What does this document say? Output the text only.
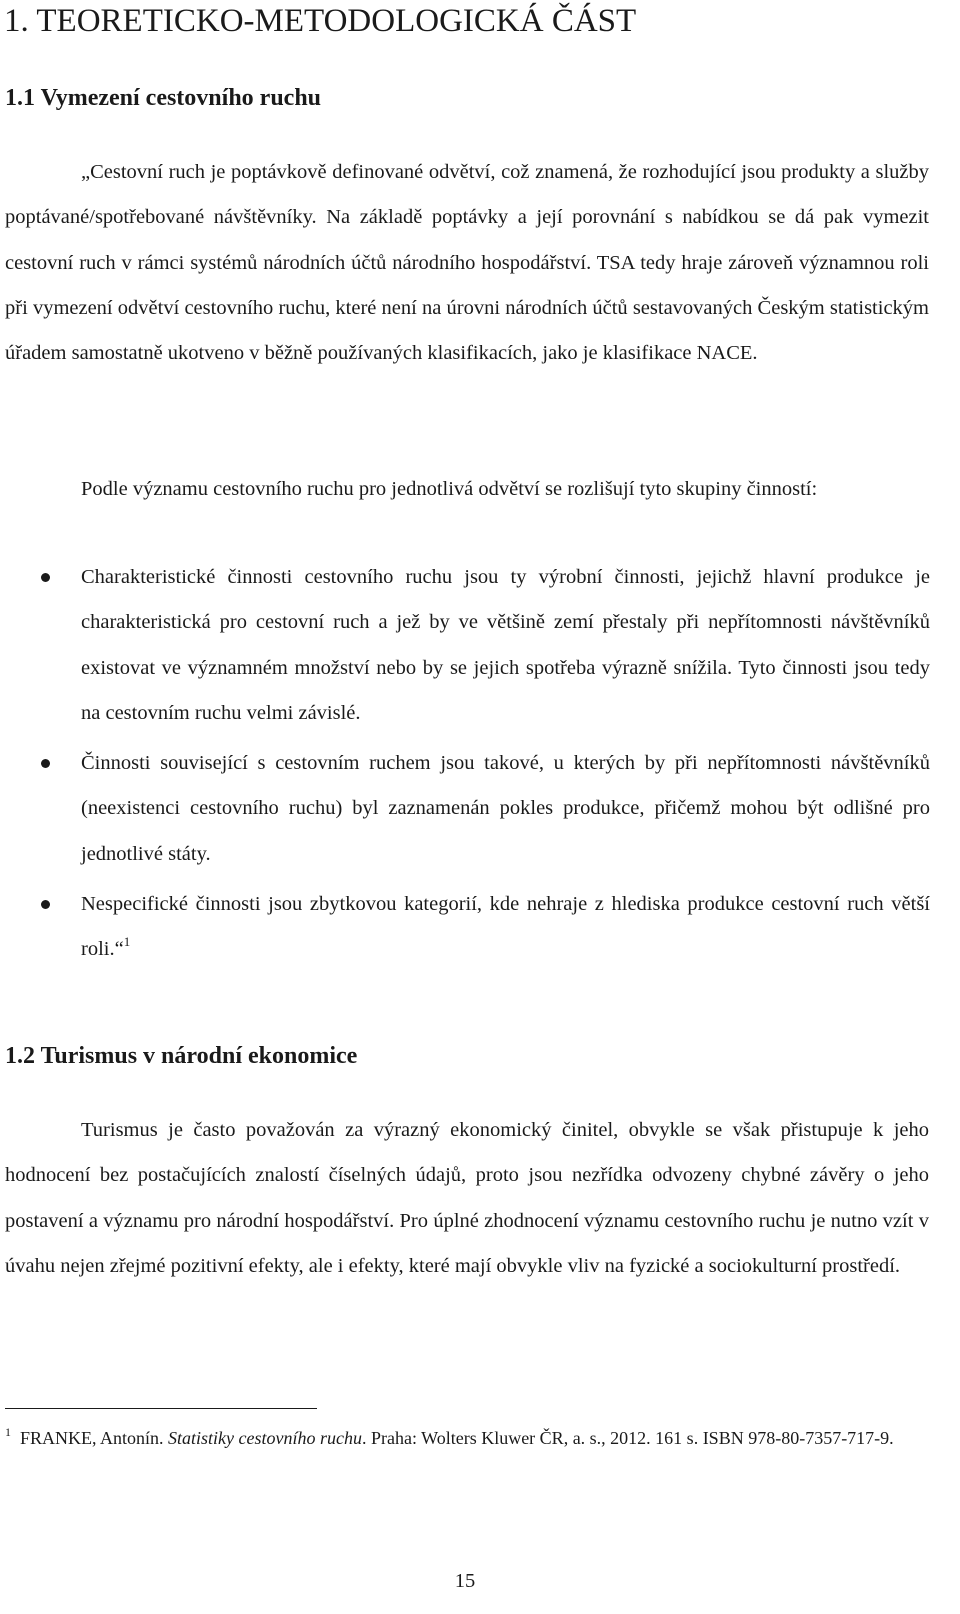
1. TEORETICKO-METODOLOGICKÁ ČÁST
1.1 Vymezení cestovního ruchu

„Cestovní ruch je poptávkově definované odvětví, což znamená, že rozhodující jsou produkty a služby poptávané/spotřebované návštěvníky. Na základě poptávky a její porovnání s nabídkou se dá pak vymezit cestovní ruch v rámci systémů národních účtů národního hospodářství. TSA tedy hraje zároveň významnou roli při vymezení odvětví cestovního ruchu, které není na úrovni národních účtů sestavovaných Českým statistickým úřadem samostatně ukotveno v běžně používaných klasifikacích, jako je klasifikace NACE.

Podle významu cestovního ruchu pro jednotlivá odvětví se rozlišují tyto skupiny činností:

Charakteristické činnosti cestovního ruchu jsou ty výrobní činnosti, jejichž hlavní produkce je charakteristická pro cestovní ruch a jež by ve většině zemí přestaly při nepřítomnosti návštěvníků existovat ve významném množství nebo by se jejich spotřeba výrazně snížila. Tyto činnosti jsou tedy na cestovním ruchu velmi závislé.
Činnosti související s cestovním ruchem jsou takové, u kterých by při nepřítomnosti návštěvníků (neexistenci cestovního ruchu) byl zaznamenán pokles produkce, přičemž mohou být odlišné pro jednotlivé státy.
Nespecifické činnosti jsou zbytkovou kategorií, kde nehraje z hlediska produkce cestovní ruch větší roli.“$^1$
1.2 Turismus v národní ekonomice

Turismus je často považován za výrazný ekonomický činitel, obvykle se však přistupuje k jeho hodnocení bez postačujících znalostí číselných údajů, proto jsou nezřídka odvozeny chybné závěry o jeho postavení a významu pro národní hospodářství. Pro úplné zhodnocení významu cestovního ruchu je nutno vzít v úvahu nejen zřejmé pozitivní efekty, ale i efekty, které mají obvykle vliv na fyzické a sociokulturní prostředí.

$^1$ FRANKE, Antonín. Statistiky cestovního ruchu. Praha: Wolters Kluwer ČR, a. s., 2012. 161 s. ISBN 978-80-7357-717-9.

15
